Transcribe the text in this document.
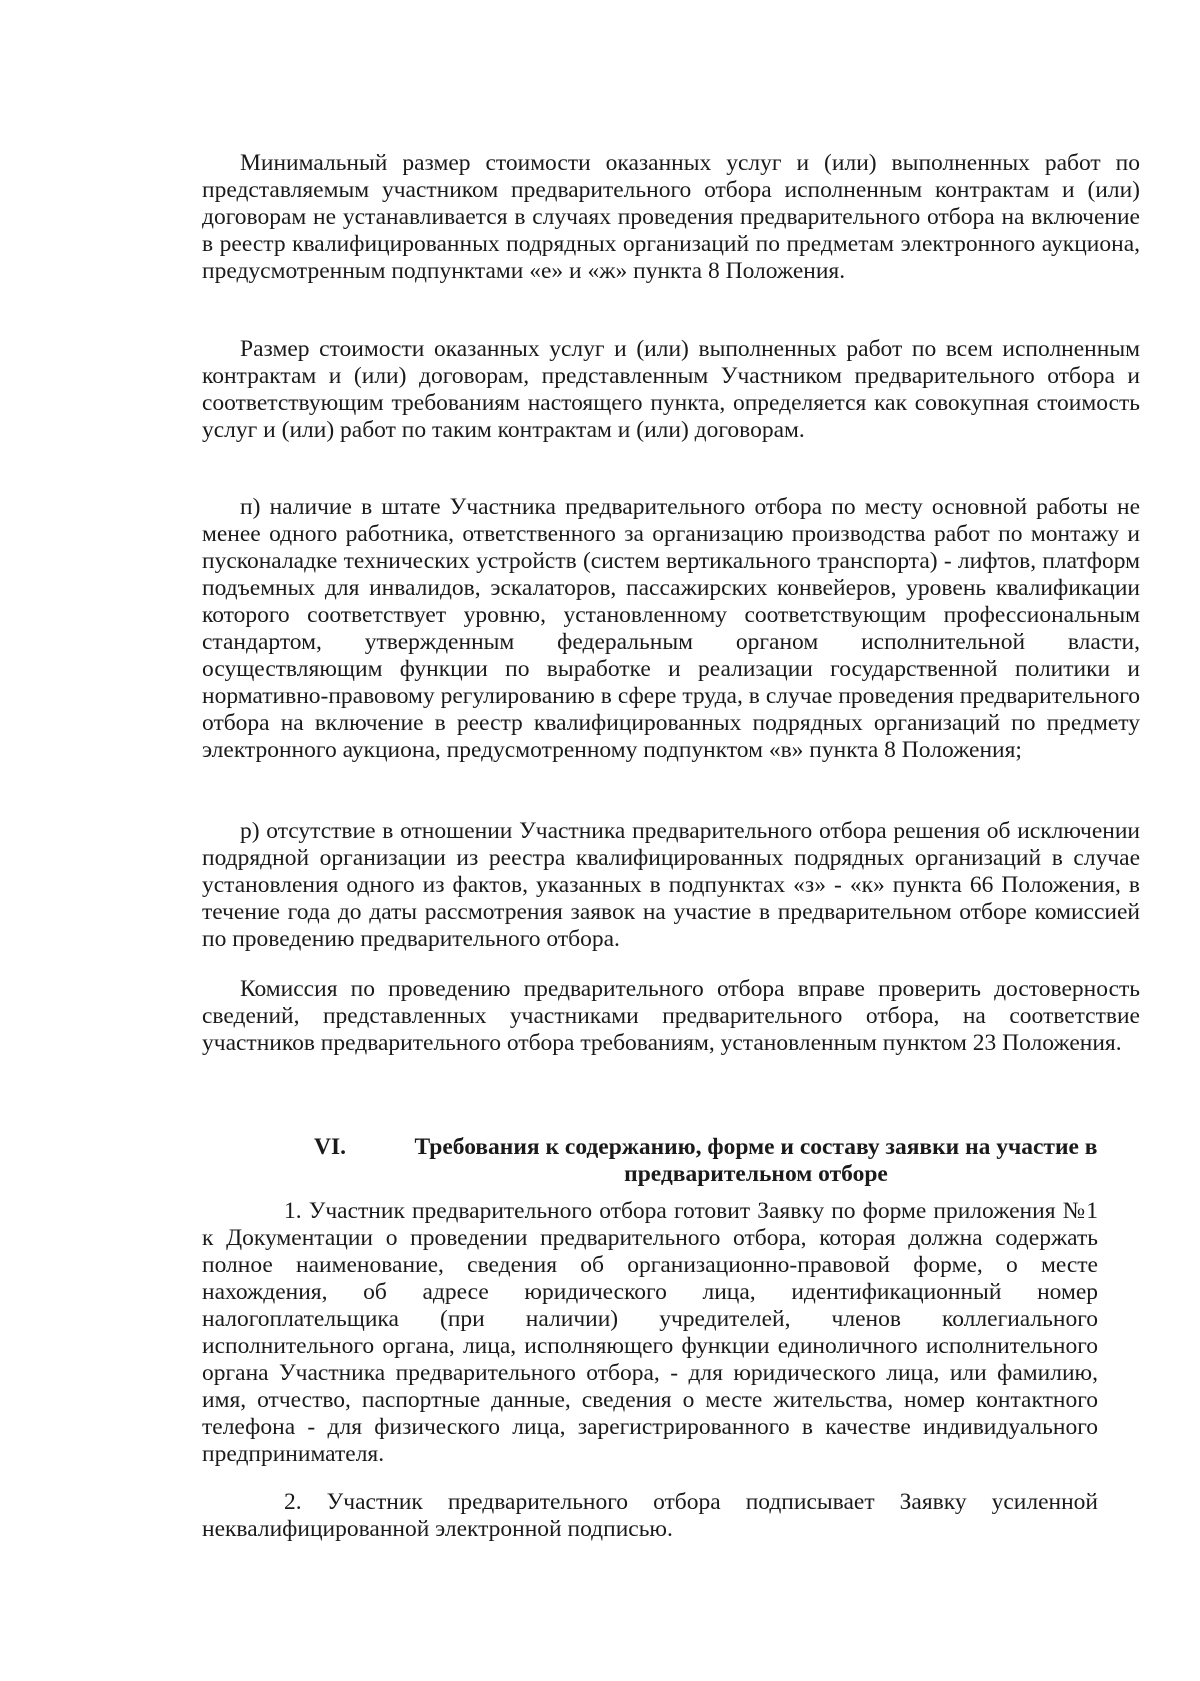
Минимальный размер стоимости оказанных услуг и (или) выполненных работ по представляемым участником предварительного отбора исполненным контрактам и (или) договорам не устанавливается в случаях проведения предварительного отбора на включение в реестр квалифицированных подрядных организаций по предметам электронного аукциона, предусмотренным подпунктами «е» и «ж» пункта 8 Положения.

Размер стоимости оказанных услуг и (или) выполненных работ по всем исполненным контрактам и (или) договорам, представленным Участником предварительного отбора и соответствующим требованиям настоящего пункта, определяется как совокупная стоимость услуг и (или) работ по таким контрактам и (или) договорам.

п) наличие в штате Участника предварительного отбора по месту основной работы не менее одного работника, ответственного за организацию производства работ по монтажу и пусконаладке технических устройств (систем вертикального транспорта) - лифтов, платформ подъемных для инвалидов, эскалаторов, пассажирских конвейеров, уровень квалификации которого соответствует уровню, установленному соответствующим профессиональным стандартом, утвержденным федеральным органом исполнительной власти, осуществляющим функции по выработке и реализации государственной политики и нормативно-правовому регулированию в сфере труда, в случае проведения предварительного отбора на включение в реестр квалифицированных подрядных организаций по предмету электронного аукциона, предусмотренному подпунктом «в» пункта 8 Положения;

р) отсутствие в отношении Участника предварительного отбора решения об исключении подрядной организации из реестра квалифицированных подрядных организаций в случае установления одного из фактов, указанных в подпунктах «з» - «к» пункта 66 Положения, в течение года до даты рассмотрения заявок на участие в предварительном отборе комиссией по проведению предварительного отбора.

Комиссия по проведению предварительного отбора вправе проверить достоверность сведений, представленных участниками предварительного отбора, на соответствие участников предварительного отбора требованиям, установленным пунктом 23 Положения.

VI.	Требования к содержанию, форме и составу заявки на участие в предварительном отборе

1. Участник предварительного отбора готовит Заявку по форме приложения №1 к Документации о проведении предварительного отбора, которая должна содержать полное наименование, сведения об организационно-правовой форме, о месте нахождения, об адресе юридического лица, идентификационный номер налогоплательщика (при наличии) учредителей, членов коллегиального исполнительного органа, лица, исполняющего функции единоличного исполнительного органа Участника предварительного отбора, - для юридического лица, или фамилию, имя, отчество, паспортные данные, сведения о месте жительства, номер контактного телефона - для физического лица, зарегистрированного в качестве индивидуального предпринимателя.

2. Участник предварительного отбора подписывает Заявку усиленной неквалифицированной электронной подписью.
